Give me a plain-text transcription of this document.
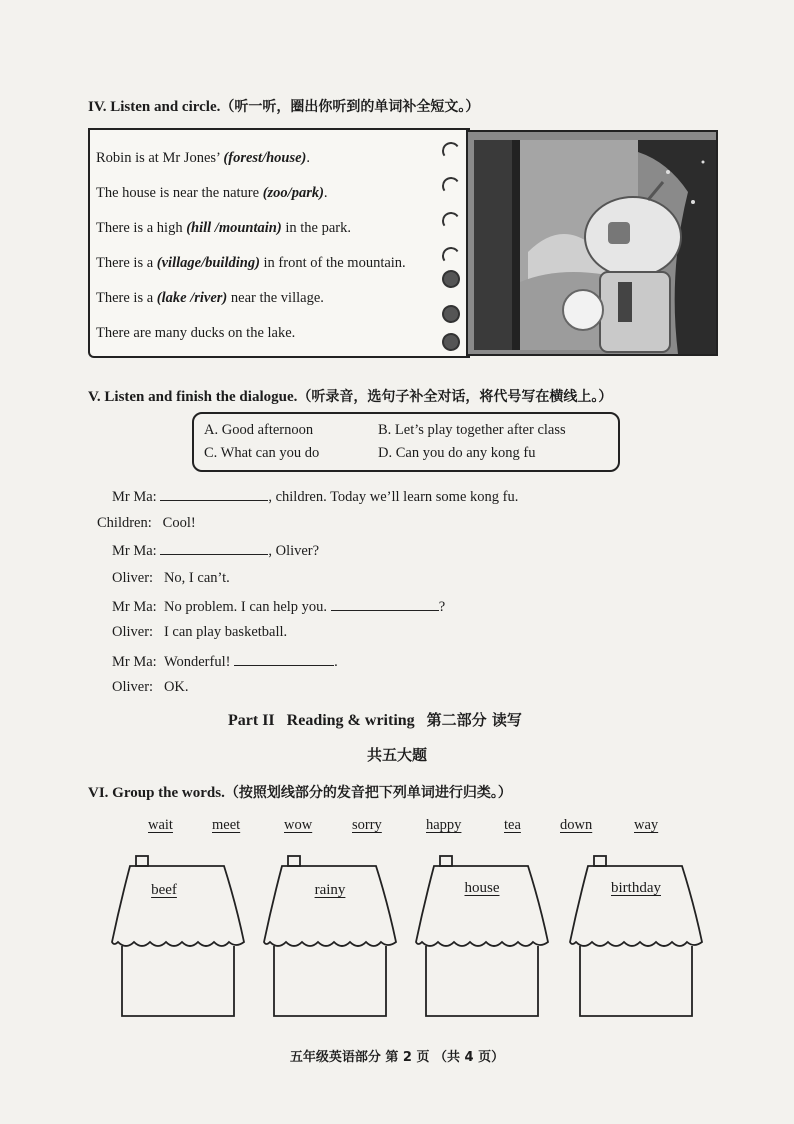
IV. Listen and circle.（听一听，圈出你听到的单词补全短文。）
Robin is at Mr Jones’ (forest/house).
The house is near the nature (zoo/park).
There is a high (hill /mountain) in the park.
There is a (village/building) in front of the mountain.
There is a (lake /river) near the village.
There are many ducks on the lake.
V. Listen and finish the dialogue.（听录音，选句子补全对话，将代号写在横线上。）
A. Good afternoon	B. Let’s play together after class
C. What can you do	D. Can you do any kong fu
Mr Ma:	, children. Today we’ll learn some kong fu.
Children: Cool!
Mr Ma:	, Oliver?
Oliver: No, I can’t.
Mr Ma: No problem. I can help you.	?
Oliver: I can play basketball.
Mr Ma: Wonderful!	.
Oliver: OK.
Part II Reading & writing 第二部分 读写
共五大题
VI. Group the words.（按照划线部分的发音把下列单词进行归类。）
wait	meet	wow	sorry	happy	tea	down	way
beef	rainy	house	birthday
五年级英语部分 第 2 页 （共 4 页）
